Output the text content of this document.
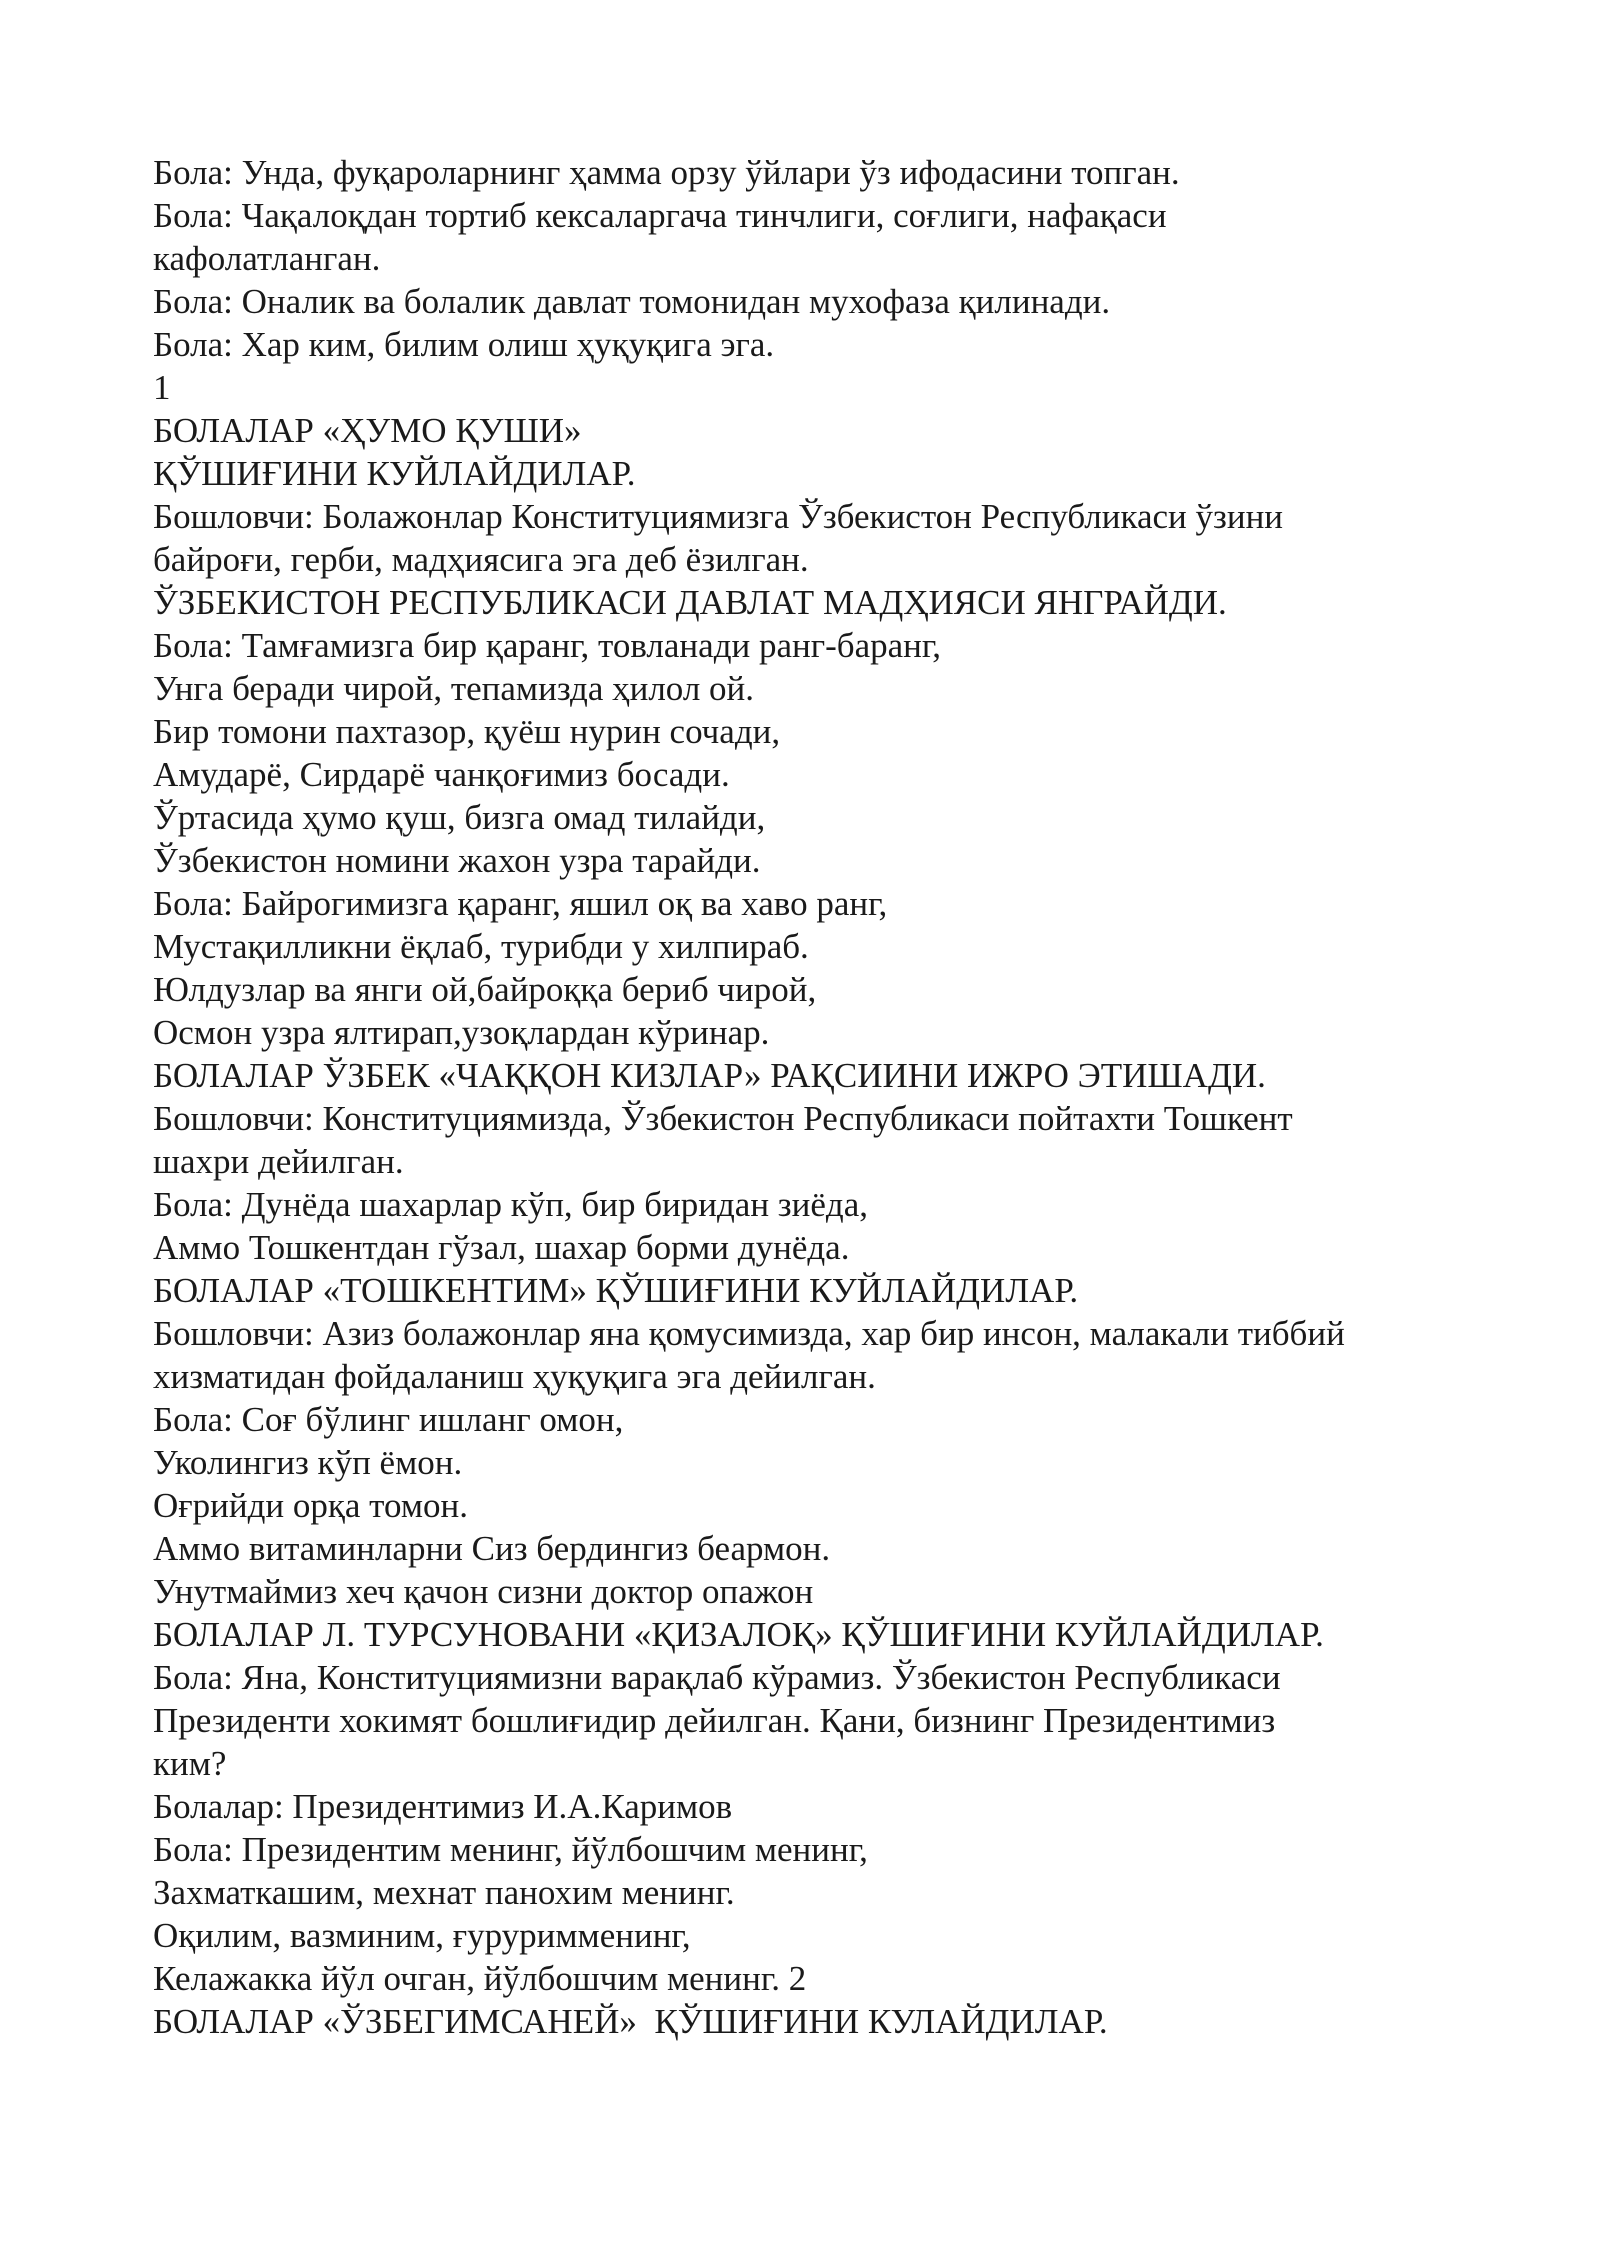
Бола: Унда, фуқароларнинг ҳамма орзу ўйлари ўз ифодасини топган.
Бола: Чақалоқдан тортиб кексаларгача тинчлиги, соғлиги, нафақаси
кафолатланган.
Бола: Оналик ва болалик давлат томонидан мухофаза қилинади.
Бола: Хар ким, билим олиш ҳуқуқига эга.
1
БОЛАЛАР «ҲУМО ҚУШИ»
ҚЎШИҒИНИ КУЙЛАЙДИЛАР.
Бошловчи: Болажонлар Конституциямизга Ўзбекистон Республикаси ўзини
байроғи, герби, мадҳиясига эга деб ёзилган.
ЎЗБЕКИСТОН РЕСПУБЛИКАСИ ДАВЛАТ МАДҲИЯСИ ЯНГРАЙДИ.
Бола: Тамғамизга бир қаранг, товланади ранг-баранг,
Унга беради чирой, тепамизда ҳилол ой.
Бир томони пахтазор, қуёш нурин сочади,
Амударё, Сирдарё чанқоғимиз босади.
Ўртасида ҳумо қуш, бизга омад тилайди,
Ўзбекистон номини жахон узра тарайди.
Бола: Байрогимизга қаранг, яшил оқ ва хаво ранг,
Мустақилликни ёқлаб, турибди у хилпираб.
Юлдузлар ва янги ой,байроққа бериб чирой,
Осмон узра ялтирап,узоқлардан кўринар.
БОЛАЛАР ЎЗБЕК «ЧАҚҚОН КИЗЛАР» РАҚСИИНИ ИЖРО ЭТИШАДИ.
Бошловчи: Конституциямизда, Ўзбекистон Республикаси пойтахти Тошкент
шахри дейилган.
Бола: Дунёда шахарлар кўп, бир биридан зиёда,
Аммо Тошкентдан гўзал, шахар борми дунёда.
БОЛАЛАР «ТОШКЕНТИМ» ҚЎШИҒИНИ КУЙЛАЙДИЛАР.
Бошловчи: Азиз болажонлар яна қомусимизда, хар бир инсон, малакали тиббий
хизматидан фойдаланиш ҳуқуқига эга дейилган.
Бола: Соғ бўлинг ишланг омон,
Уколингиз кўп ёмон.
Оғрийди орқа томон.
Аммо витаминларни Сиз бердингиз беармон.
Унутмаймиз хеч қачон сизни доктор опажон
БОЛАЛАР Л. ТУРСУНОВАНИ «ҚИЗАЛОҚ» ҚЎШИҒИНИ КУЙЛАЙДИЛАР.
Бола: Яна, Конституциямизни варақлаб кўрамиз. Ўзбекистон Республикаси
Президенти хокимят бошлиғидир дейилган. Қани, бизнинг Президентимиз
ким?
Болалар: Президентимиз И.А.Каримов
Бола: Президентим менинг, йўлбошчим менинг,
Захматкашим, мехнат панохим менинг.
Оқилим, вазминим, ғуруримменинг,
Келажакка йўл очган, йўлбошчим менинг. 2
БОЛАЛАР «ЎЗБЕГИМСАНЕЙ»  ҚЎШИҒИНИ КУЛАЙДИЛАР.
